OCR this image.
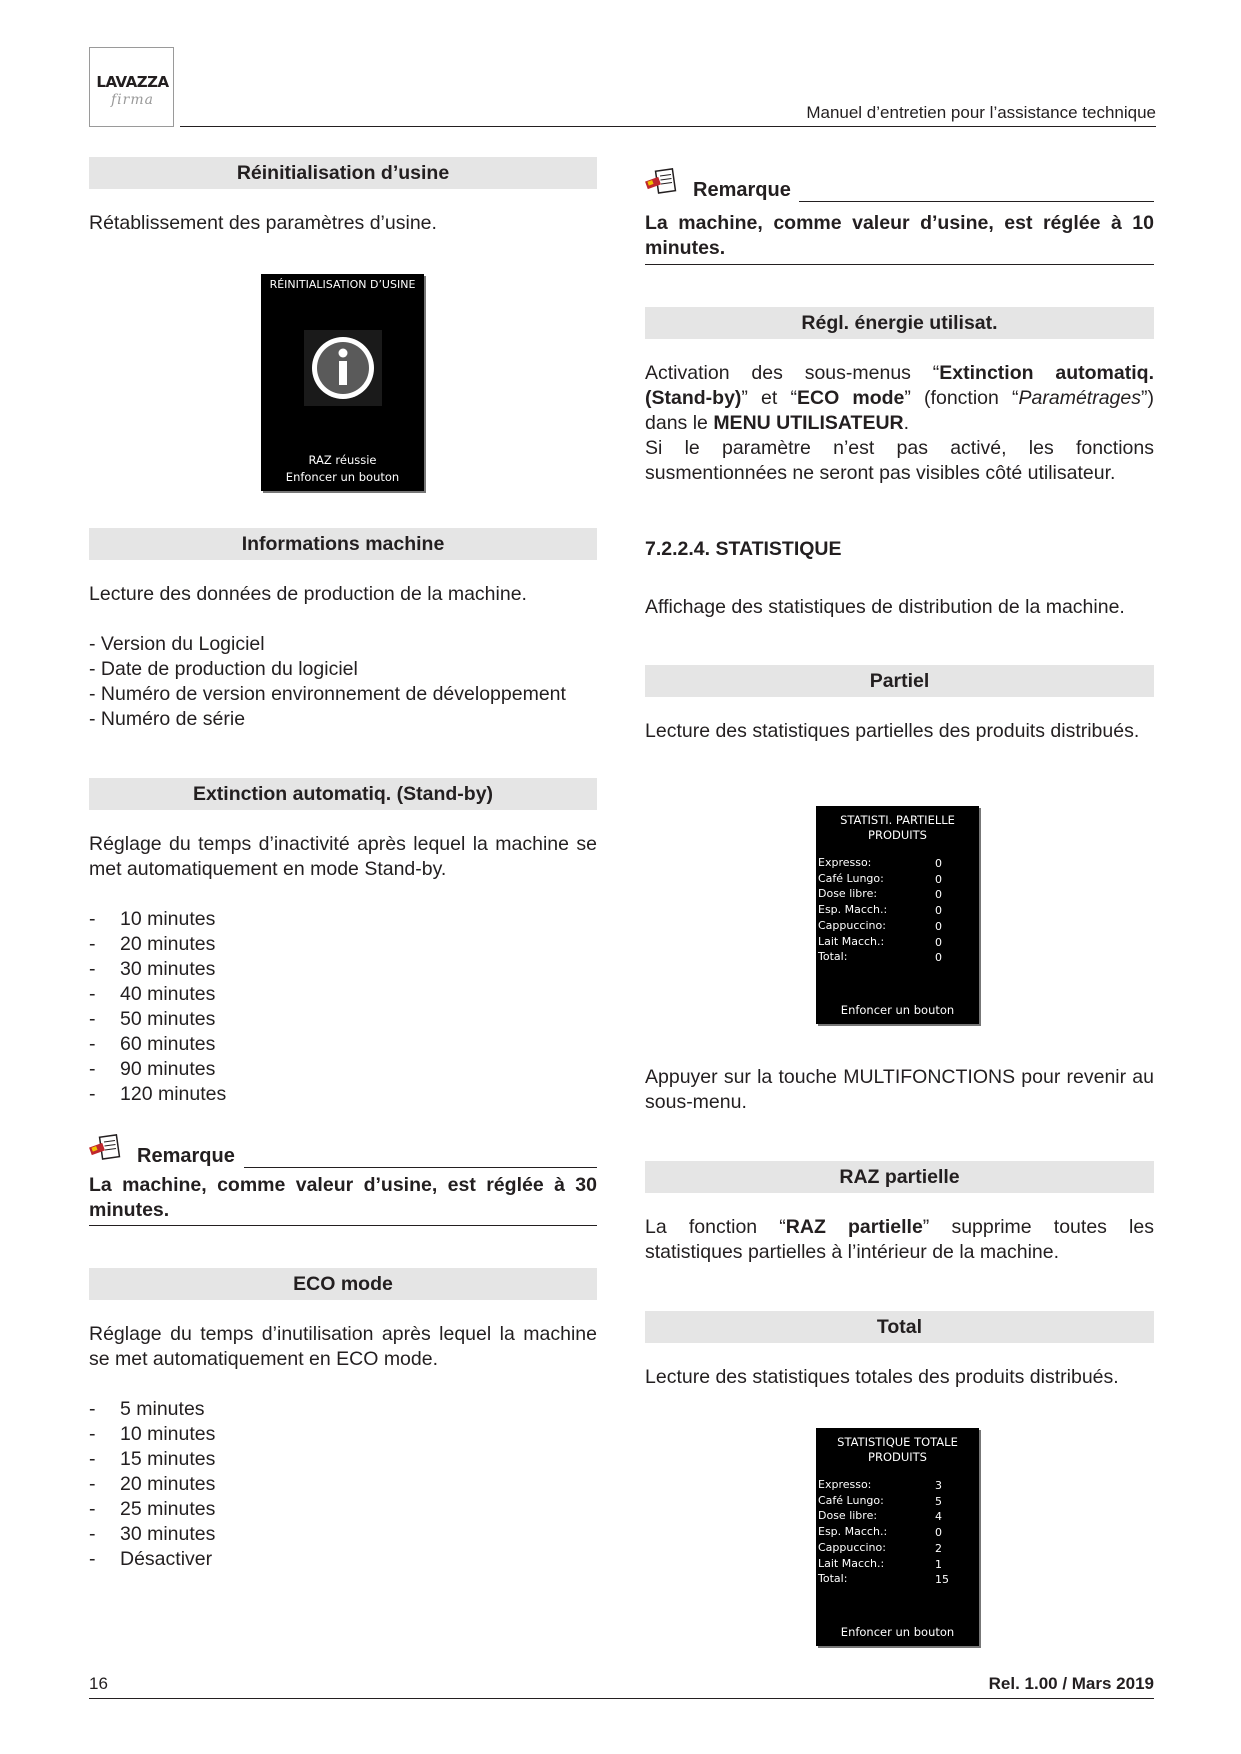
LAVAZZA
firma
Manuel d’entretien pour l’assistance technique
Réinitialisation d’usine
Rétablissement des paramètres d’usine.
RÉINITIALISATION D’USINE
RAZ réussie
Enfoncer un bouton
Informations machine
Lecture des données de production de la machine.
- Version du Logiciel
- Date de production du logiciel
- Numéro de version environnement de développement
- Numéro de série
Extinction automatiq. (Stand-by)
Réglage du temps d’inactivité après lequel la machine se met automatiquement en mode Stand-by.
- 10 minutes
- 20 minutes
- 30 minutes
- 40 minutes
- 50 minutes
- 60 minutes
- 90 minutes
- 120 minutes
Remarque
La machine, comme valeur d’usine, est réglée à 30 minutes.
ECO mode
Réglage du temps d’inutilisation après lequel la machine se met automatiquement en ECO mode.
- 5 minutes
- 10 minutes
- 15 minutes
- 20 minutes
- 25 minutes
- 30 minutes
- Désactiver
Remarque
La machine, comme valeur d’usine, est réglée à 10 minutes.
Régl. énergie utilisat.
Activation des sous-menus “Extinction automatiq. (Stand-by)” et “ECO mode” (fonction “Paramétrages”) dans le MENU UTILISATEUR.
Si le paramètre n’est pas activé, les fonctions susmentionnées ne seront pas visibles côté utilisateur.
7.2.2.4. STATISTIQUE
Affichage des statistiques de distribution de la machine.
Partiel
Lecture des statistiques partielles des produits distribués.
STATISTI. PARTIELLE
PRODUITS
Enfoncer un bouton
Expresso:	0
Café Lungo:	0
Dose libre:	0
Esp. Macch.:	0
Cappuccino:	0
Lait Macch.:	0
Total:	0
Appuyer sur la touche MULTIFONCTIONS pour revenir au sous-menu.
RAZ partielle
La fonction “RAZ partielle” supprime toutes les statistiques partielles à l’intérieur de la machine.
Total
Lecture des statistiques totales des produits distribués.
STATISTIQUE TOTALE
PRODUITS
Enfoncer un bouton
Expresso:	3
Café Lungo:	5
Dose libre:	4
Esp. Macch.:	0
Cappuccino:	2
Lait Macch.:	1
Total:	15
16	Rel. 1.00 / Mars 2019
